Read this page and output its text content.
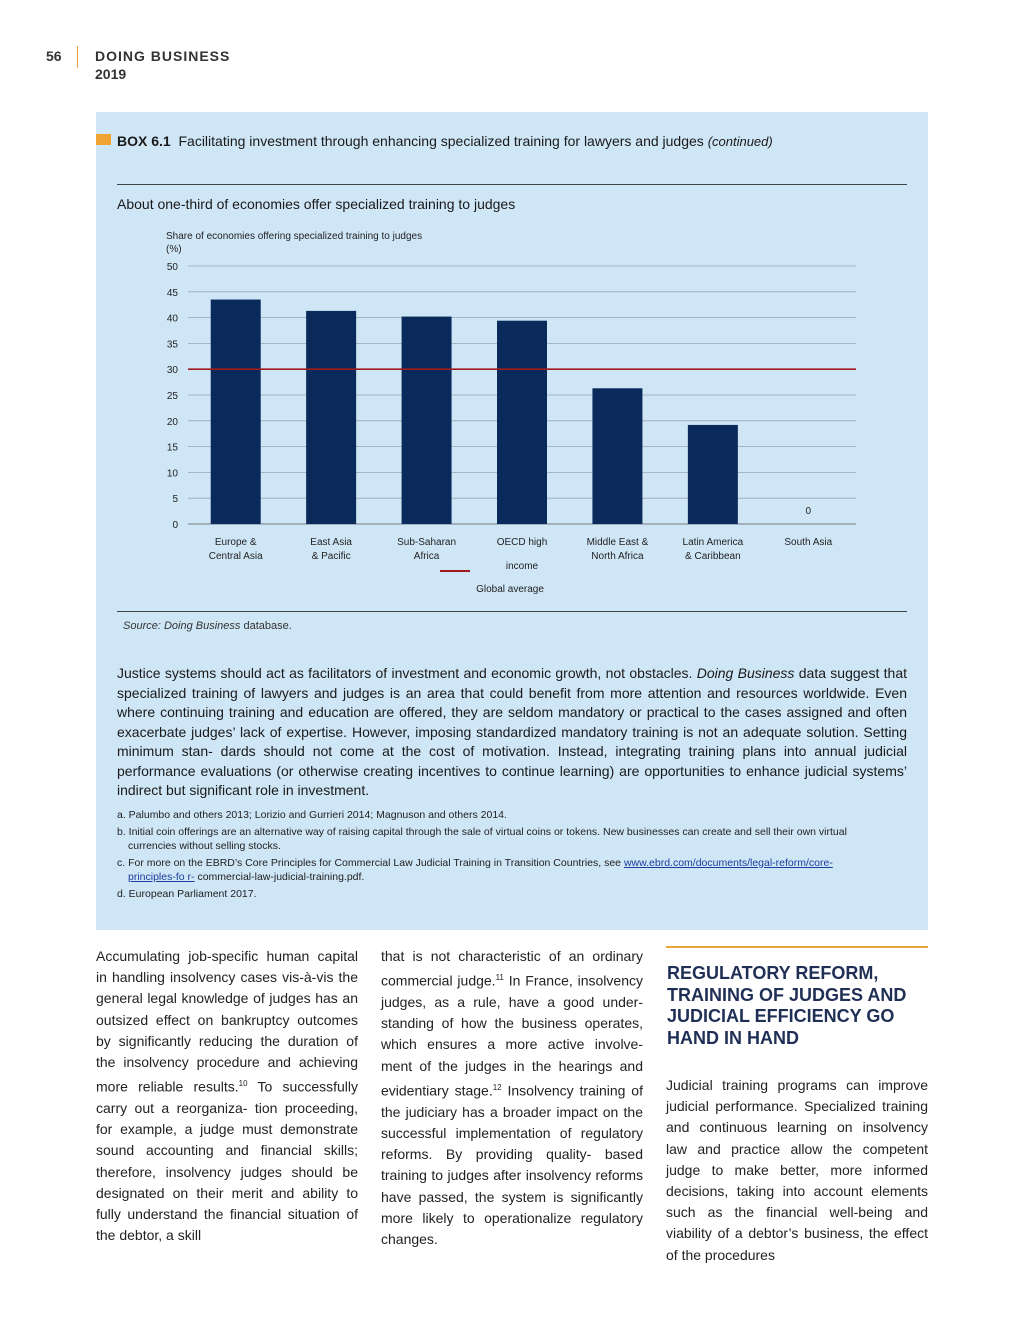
56 DOING BUSINESS
2019
BOX 6.1 Facilitating investment through enhancing specialized training for lawyers and judges (continued)
About one-third of economies offer specialized training to judges
Share of economies offering specialized training to judges
(%)
0
5
10
15
20
25
30
35
40
45
50
Europe &
Central Asia
East Asia
& Pacific
Sub-Saharan
Africa
OECD high
income
Middle East &
North Africa
Latin America
& Caribbean
0
South Asia
Global average
Source: Doing Business database.
Justice systems should act as facilitators of investment and economic growth, not obstacles. Doing Business data suggest that specialized training of lawyers and judges is an area that could benefit from more attention and resources worldwide. Even where continuing training and education are offered, they are seldom mandatory or practical to the cases assigned and often exacerbate judges’ lack of expertise. However, imposing standardized mandatory training is not an adequate solution. Setting minimum stan- dards should not come at the cost of motivation. Instead, integrating training plans into annual judicial performance evaluations (or otherwise creating incentives to continue learning) are opportunities to enhance judicial systems’ indirect but significant role in investment.
a. Palumbo and others 2013; Lorizio and Gurrieri 2014; Magnuson and others 2014.
b. Initial coin offerings are an alternative way of raising capital through the sale of virtual coins or tokens. New businesses can create and sell their own virtual currencies without selling stocks.
c. For more on the EBRD’s Core Principles for Commercial Law Judicial Training in Transition Countries, see www.ebrd.com/documents/legal-reform/core-principles-fo r- commercial-law-judicial-training.pdf.
d. European Parliament 2017.
Accumulating job-specific human capital in handling insolvency cases vis-à-vis the general legal knowledge of judges has an outsized effect on bankruptcy outcomes by significantly reducing the duration of the insolvency procedure and achieving more reliable results.$^{10}$ To successfully carry out a reorganiza- tion proceeding, for example, a judge must demonstrate sound accounting and financial skills; therefore, insolvency judges should be designated on their merit and ability to fully understand the financial situation of the debtor, a skill
that is not characteristic of an ordinary commercial judge.$^{11}$ In France, insolvency judges, as a rule, have a good under- standing of how the business operates, which ensures a more active involve- ment of the judges in the hearings and evidentiary stage.$^{12}$ Insolvency training of the judiciary has a broader impact on the successful implementation of regulatory reforms. By providing quality- based training to judges after insolvency reforms have passed, the system is significantly more likely to operationalize regulatory changes.
REGULATORY REFORM, TRAINING OF JUDGES AND JUDICIAL EFFICIENCY GO HAND IN HAND
Judicial training programs can improve judicial performance. Specialized training and continuous learning on insolvency law and practice allow the competent judge to make better, more informed decisions, taking into account elements such as the financial well-being and viability of a debtor’s business, the effect of the procedures
